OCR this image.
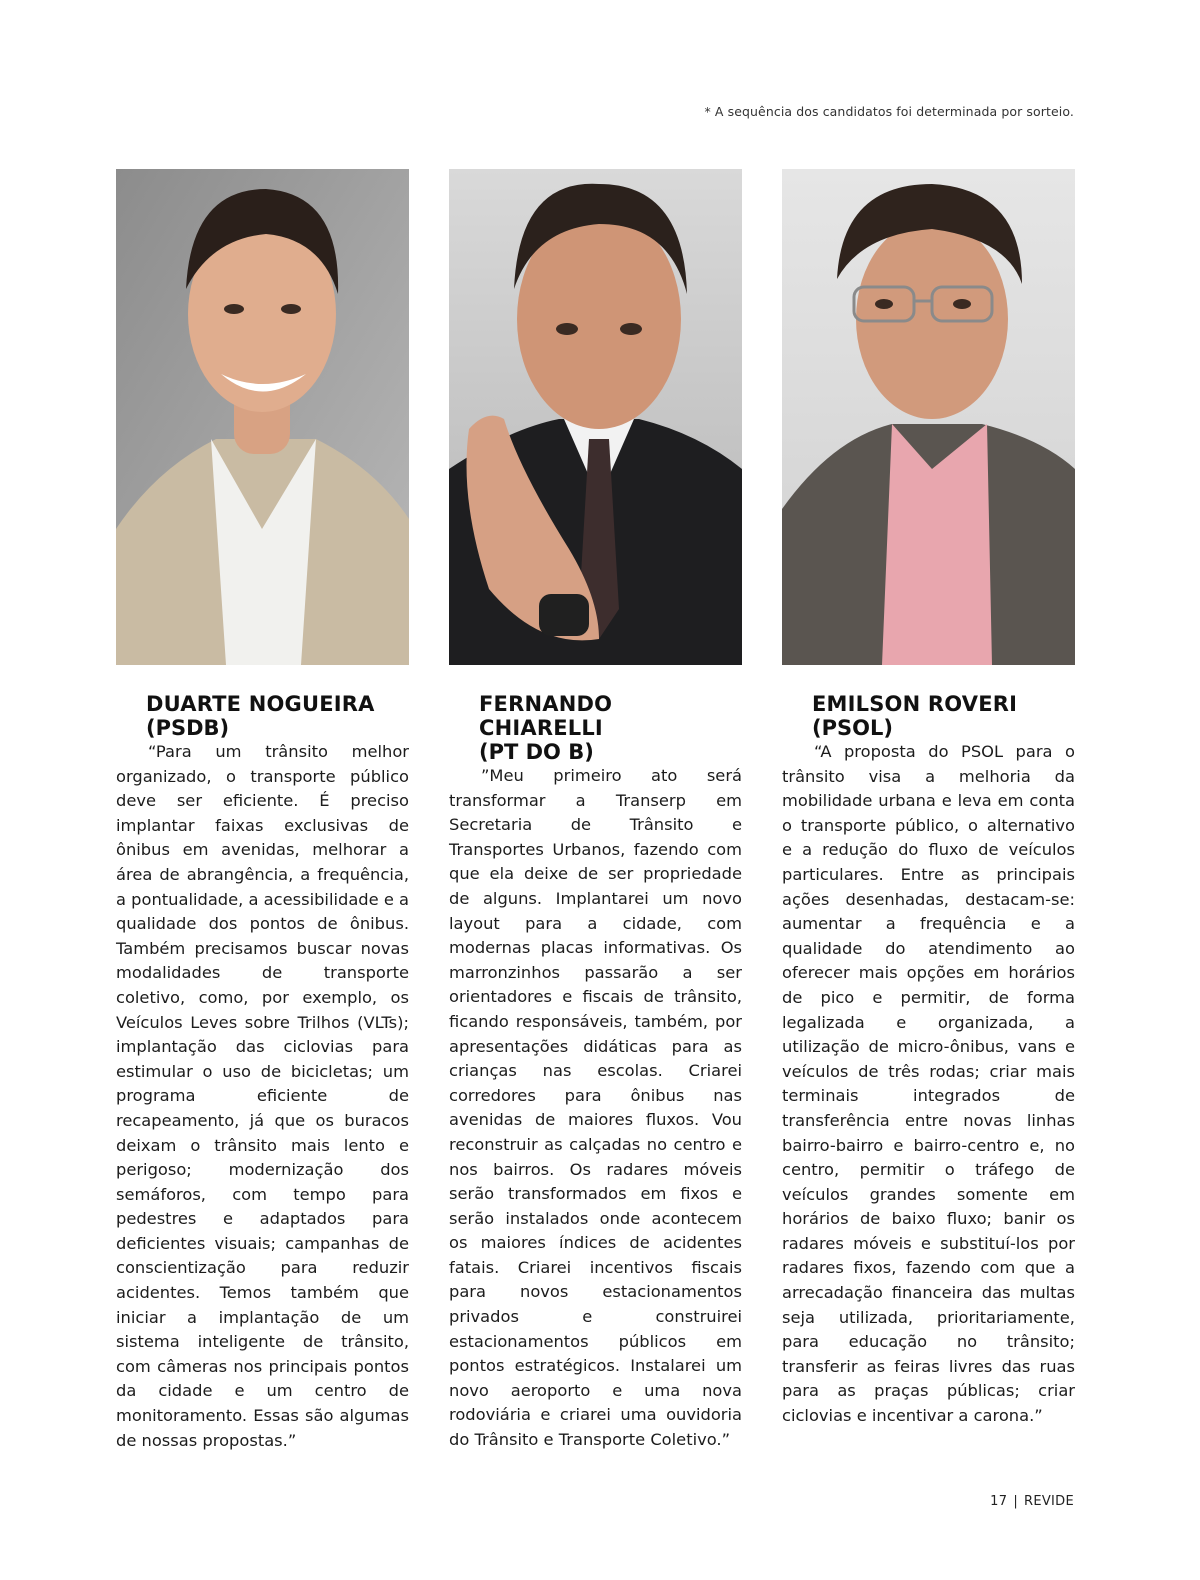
* A sequência dos candidatos foi determinada por sorteio.
DUARTE NOGUEIRA
(PSDB)

“Para um trânsito melhor organizado, o transporte público deve ser eficiente. É preciso implantar faixas exclusivas de ônibus em avenidas, melhorar a área de abrangência, a frequência, a pontualidade, a acessibilidade e a qualidade dos pontos de ônibus. Também precisamos buscar novas modalidades de transporte coletivo, como, por exemplo, os Veículos Leves sobre Trilhos (VLTs); implantação das ciclovias para estimular o uso de bicicletas; um programa eficiente de recapeamento, já que os buracos deixam o trânsito mais lento e perigoso; modernização dos semáforos, com tempo para pedestres e adaptados para deficientes visuais; campanhas de conscientização para reduzir acidentes. Temos também que iniciar a implantação de um sistema inteligente de trânsito, com câmeras nos principais pontos da cidade e um centro de monitoramento. Essas são algumas de nossas propostas.”

FERNANDO CHIARELLI
(PT DO B)

”Meu primeiro ato será transformar a Transerp em Secretaria de Trânsito e Transportes Urbanos, fazendo com que ela deixe de ser propriedade de alguns. Implantarei um novo layout para a cidade, com modernas placas informativas. Os marronzinhos passarão a ser orientadores e fiscais de trânsito, ficando responsáveis, também, por apresentações didáticas para as crianças nas escolas. Criarei corredores para ônibus nas avenidas de maiores fluxos. Vou reconstruir as calçadas no centro e nos bairros. Os radares móveis serão transformados em fixos e serão instalados onde acontecem os maiores índices de acidentes fatais. Criarei incentivos fiscais para novos estacionamentos privados e construirei estacionamentos públicos em pontos estratégicos. Instalarei um novo aeroporto e uma nova rodoviária e criarei uma ouvidoria do Trânsito e Transporte Coletivo.”

EMILSON ROVERI
(PSOL)

“A proposta do PSOL para o trânsito visa a melhoria da mobilidade urbana e leva em conta o transporte público, o alternativo e a redução do fluxo de veículos particulares. Entre as principais ações desenhadas, destacam-se: aumentar a frequência e a qualidade do atendimento ao oferecer mais opções em horários de pico e permitir, de forma legalizada e organizada, a utilização de micro-ônibus, vans e veículos de três rodas; criar mais terminais integrados de transferência entre novas linhas bairro-bairro e bairro-centro e, no centro, permitir o tráfego de veículos grandes somente em horários de baixo fluxo; banir os radares móveis e substituí-los por radares fixos, fazendo com que a arrecadação financeira das multas seja utilizada, prioritariamente, para educação no trânsito; transferir as feiras livres das ruas para as praças públicas; criar ciclovias e incentivar a carona.”

17 | REVIDE
